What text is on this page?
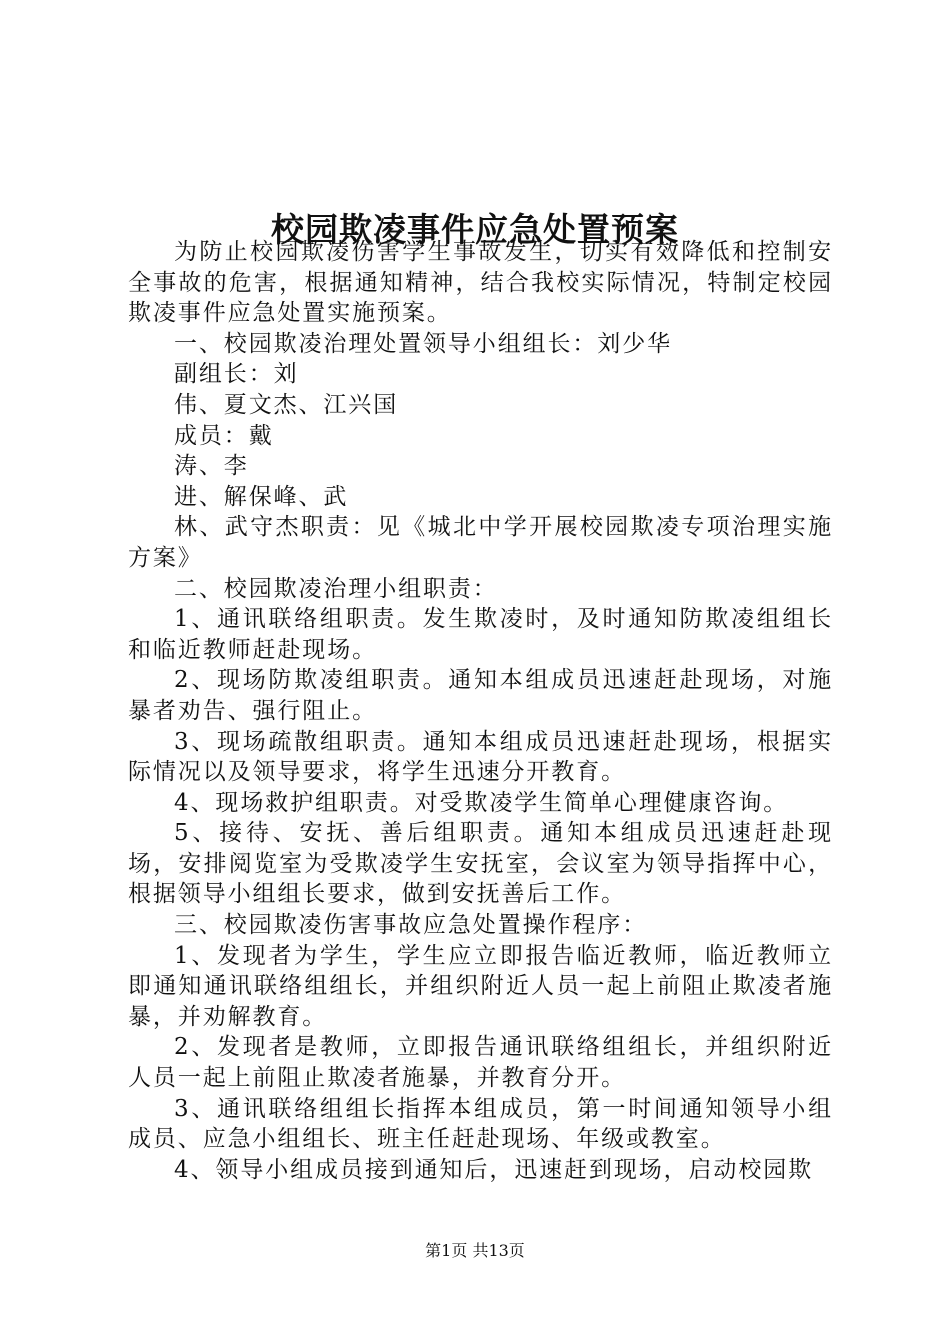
校园欺凌事件应急处置预案

为防止校园欺凌伤害学生事故发生，切实有效降低和控制安全事故的危害，根据通知精神，结合我校实际情况，特制定校园欺凌事件应急处置实施预案。

一、校园欺凌治理处置领导小组组长：刘少华

副组长：刘

伟、夏文杰、江兴国

成员：戴

涛、李

进、解保峰、武

林、武守杰职责：见《城北中学开展校园欺凌专项治理实施方案》

二、校园欺凌治理小组职责：

1、通讯联络组职责。发生欺凌时，及时通知防欺凌组组长和临近教师赶赴现场。

2、现场防欺凌组职责。通知本组成员迅速赶赴现场，对施暴者劝告、强行阻止。

3、现场疏散组职责。通知本组成员迅速赶赴现场，根据实际情况以及领导要求，将学生迅速分开教育。

4、现场救护组职责。对受欺凌学生简单心理健康咨询。

5、接待、安抚、善后组职责。通知本组成员迅速赶赴现场，安排阅览室为受欺凌学生安抚室，会议室为领导指挥中心，根据领导小组组长要求，做到安抚善后工作。

三、校园欺凌伤害事故应急处置操作程序：

1、发现者为学生，学生应立即报告临近教师，临近教师立即通知通讯联络组组长，并组织附近人员一起上前阻止欺凌者施暴，并劝解教育。

2、发现者是教师，立即报告通讯联络组组长，并组织附近人员一起上前阻止欺凌者施暴，并教育分开。

3、通讯联络组组长指挥本组成员，第一时间通知领导小组成员、应急小组组长、班主任赶赴现场、年级或教室。

4、领导小组成员接到通知后，迅速赶到现场，启动校园欺

第1页 共13页
